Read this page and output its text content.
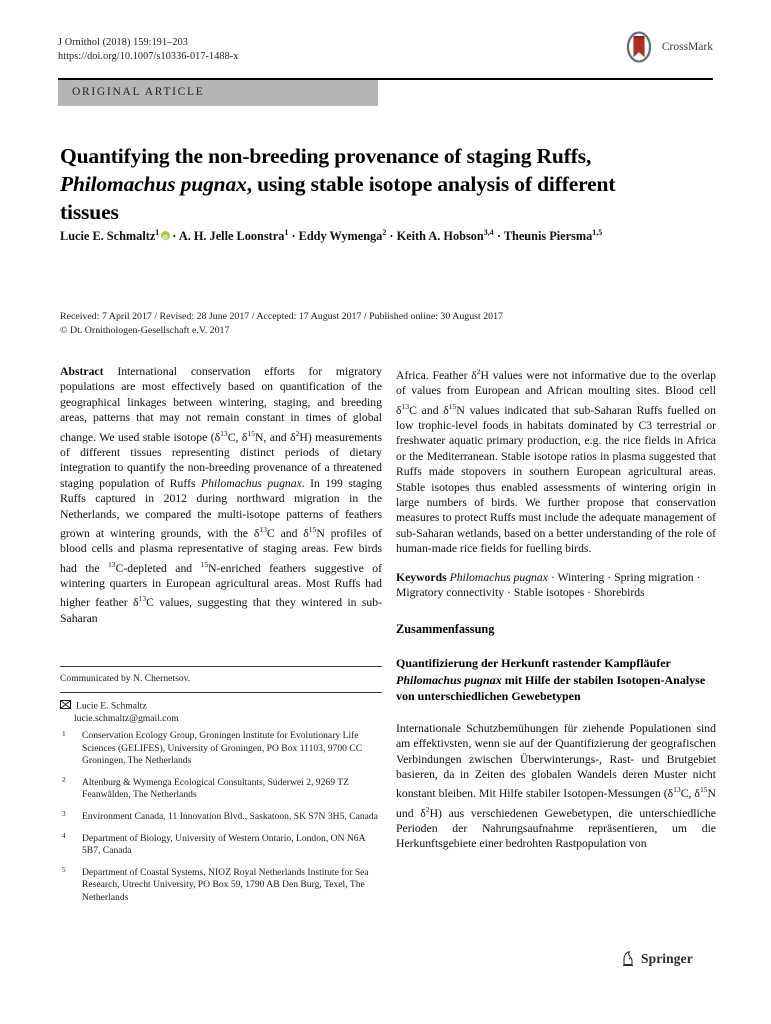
J Ornithol (2018) 159:191–203
https://doi.org/10.1007/s10336-017-1488-x
CrossMark
ORIGINAL ARTICLE
Quantifying the non-breeding provenance of staging Ruffs, Philomachus pugnax, using stable isotope analysis of different tissues
Lucie E. Schmaltz$^1$ iD · A. H. Jelle Loonstra$^1$ · Eddy Wymenga$^2$ · Keith A. Hobson$^{3,4}$ · Theunis Piersma$^{1,5}$
Received: 7 April 2017 / Revised: 28 June 2017 / Accepted: 17 August 2017 / Published online: 30 August 2017
© Dt. Ornithologen-Gesellschaft e.V. 2017

Abstract International conservation efforts for migratory populations are most effectively based on quantification of the geographical linkages between wintering, staging, and breeding areas, patterns that may not remain constant in times of global change. We used stable isotope ($\delta^{13}C$, $\delta^{15}N$, and $\delta^2H$) measurements of different tissues representing distinct periods of dietary integration to quantify the non-breeding provenance of a threatened staging population of Ruffs Philomachus pugnax. In 199 staging Ruffs captured in 2012 during northward migration in the Netherlands, we compared the multi-isotope patterns of feathers grown at wintering grounds, with the $\delta^{13}C$ and $\delta^{15}N$ profiles of blood cells and plasma representative of staging areas. Few birds had the $^{13}$C-depleted and $^{15}$N-enriched feathers suggestive of wintering quarters in European agricultural areas. Most Ruffs had higher feather $\delta^{13}C$ values, suggesting that they wintered in sub-Saharan

Africa. Feather $\delta^2H$ values were not informative due to the overlap of values from European and African moulting sites. Blood cell $\delta^{13}C$ and $\delta^{15}N$ values indicated that sub-Saharan Ruffs fuelled on low trophic-level foods in habitats dominated by C3 terrestrial or freshwater aquatic primary production, e.g. the rice fields in Africa or the Mediterranean. Stable isotope ratios in plasma suggested that Ruffs made stopovers in southern European agricultural areas. Stable isotopes thus enabled assessments of wintering origin in large numbers of birds. We further propose that conservation measures to protect Ruffs must include the adequate management of sub-Saharan wetlands, based on a better understanding of the role of human-made rice fields for fuelling birds.

Keywords Philomachus pugnax · Wintering · Spring migration · Migratory connectivity · Stable isotopes · Shorebirds

Zusammenfassung
Quantifizierung der Herkunft rastender Kampfläufer Philomachus pugnax mit Hilfe der stabilen Isotopen-Analyse von unterschiedlichen Gewebetypen

Internationale Schutzbemühungen für ziehende Populationen sind am effektivsten, wenn sie auf der Quantifizierung der geografischen Verbindungen zwischen Überwinterungs-, Rast- und Brutgebiet basieren, da in Zeiten des globalen Wandels deren Muster nicht konstant bleiben. Mit Hilfe stabiler Isotopen-Messungen ($\delta^{13}C$, $\delta^{15}N$ und $\delta^2H$) aus verschiedenen Gewebetypen, die unterschiedliche Perioden der Nahrungsaufnahme repräsentieren, um die Herkunftsgebiete einer bedrohten Rastpopulation von

Communicated by N. Chernetsov.
Lucie E. Schmaltz
lucie.schmaltz@gmail.com
1 Conservation Ecology Group, Groningen Institute for Evolutionary Life Sciences (GELIFES), University of Groningen, PO Box 11103, 9700 CC Groningen, The Netherlands
2 Altenburg & Wymenga Ecological Consultants, Súderwei 2, 9269 TZ Feanwâlden, The Netherlands
3 Environment Canada, 11 Innovation Blvd., Saskatoon, SK S7N 3H5, Canada
4 Department of Biology, University of Western Ontario, London, ON N6A 5B7, Canada
5 Department of Coastal Systems, NIOZ Royal Netherlands Institute for Sea Research, Utrecht University, PO Box 59, 1790 AB Den Burg, Texel, The Netherlands
Springer
